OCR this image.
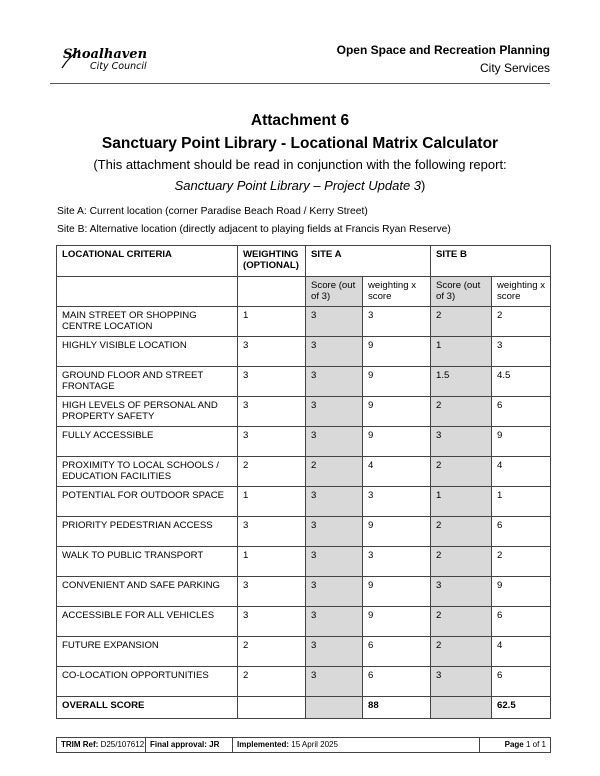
Shoalhaven
City Council
Open Space and Recreation Planning
City Services
Attachment 6
Sanctuary Point Library - Locational Matrix Calculator
(This attachment should be read in conjunction with the following report:
Sanctuary Point Library – Project Update 3)
Site A: Current location (corner Paradise Beach Road / Kerry Street)
Site B: Alternative location (directly adjacent to playing fields at Francis Ryan Reserve)
LOCATIONAL CRITERIA	WEIGHTING (OPTIONAL)	SITE A		SITE B	
		Score (out of 3)	weighting x score	Score (out of 3)	weighting x score
MAIN STREET OR SHOPPING CENTRE LOCATION	1	3	3	2	2
HIGHLY VISIBLE LOCATION	3	3	9	1	3
GROUND FLOOR AND STREET FRONTAGE	3	3	9	1.5	4.5
HIGH LEVELS OF PERSONAL AND PROPERTY SAFETY	3	3	9	2	6
FULLY ACCESSIBLE	3	3	9	3	9
PROXIMITY TO LOCAL SCHOOLS / EDUCATION FACILITIES	2	2	4	2	4
POTENTIAL FOR OUTDOOR SPACE	1	3	3	1	1
PRIORITY PEDESTRIAN ACCESS	3	3	9	2	6
WALK TO PUBLIC TRANSPORT	1	3	3	2	2
CONVENIENT AND SAFE PARKING	3	3	9	3	9
ACCESSIBLE FOR ALL VEHICLES	3	3	9	2	6
FUTURE EXPANSION	2	3	6	2	4
CO-LOCATION OPPORTUNITIES	2	3	6	3	6
OVERALL SCORE			88		62.5
TRIM Ref: D25/107612	Final approval: JR	Implemented: 15 April 2025	Page 1 of 1
